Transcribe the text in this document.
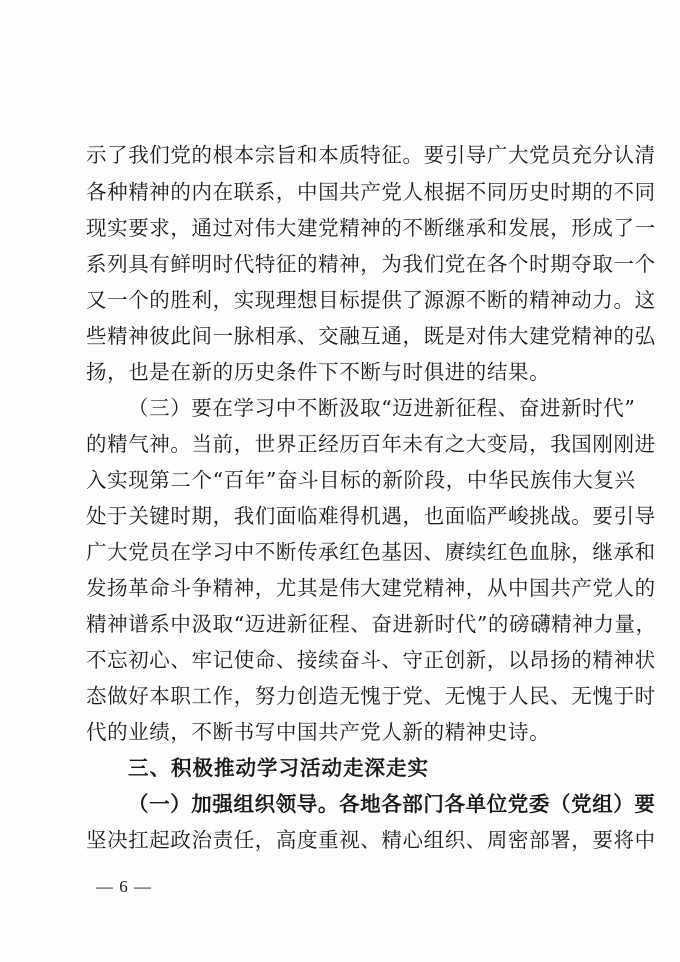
示了我们党的根本宗旨和本质特征。要引导广大党员充分认清
各种精神的内在联系，中国共产党人根据不同历史时期的不同
现实要求，通过对伟大建党精神的不断继承和发展，形成了一
系列具有鲜明时代特征的精神，为我们党在各个时期夺取一个
又一个的胜利，实现理想目标提供了源源不断的精神动力。这
些精神彼此间一脉相承、交融互通，既是对伟大建党精神的弘
扬，也是在新的历史条件下不断与时俱进的结果。
（三）要在学习中不断汲取“迈进新征程、奋进新时代”
的精气神。当前，世界正经历百年未有之大变局，我国刚刚进
入实现第二个“百年”奋斗目标的新阶段，中华民族伟大复兴
处于关键时期，我们面临难得机遇，也面临严峻挑战。要引导
广大党员在学习中不断传承红色基因、赓续红色血脉，继承和
发扬革命斗争精神，尤其是伟大建党精神，从中国共产党人的
精神谱系中汲取“迈进新征程、奋进新时代”的磅礴精神力量，
不忘初心、牢记使命、接续奋斗、守正创新，以昂扬的精神状
态做好本职工作，努力创造无愧于党、无愧于人民、无愧于时
代的业绩，不断书写中国共产党人新的精神史诗。
三、积极推动学习活动走深走实
（一）加强组织领导。各地各部门各单位党委（党组）要
坚决扛起政治责任，高度重视、精心组织、周密部署，要将中
— 6 —
